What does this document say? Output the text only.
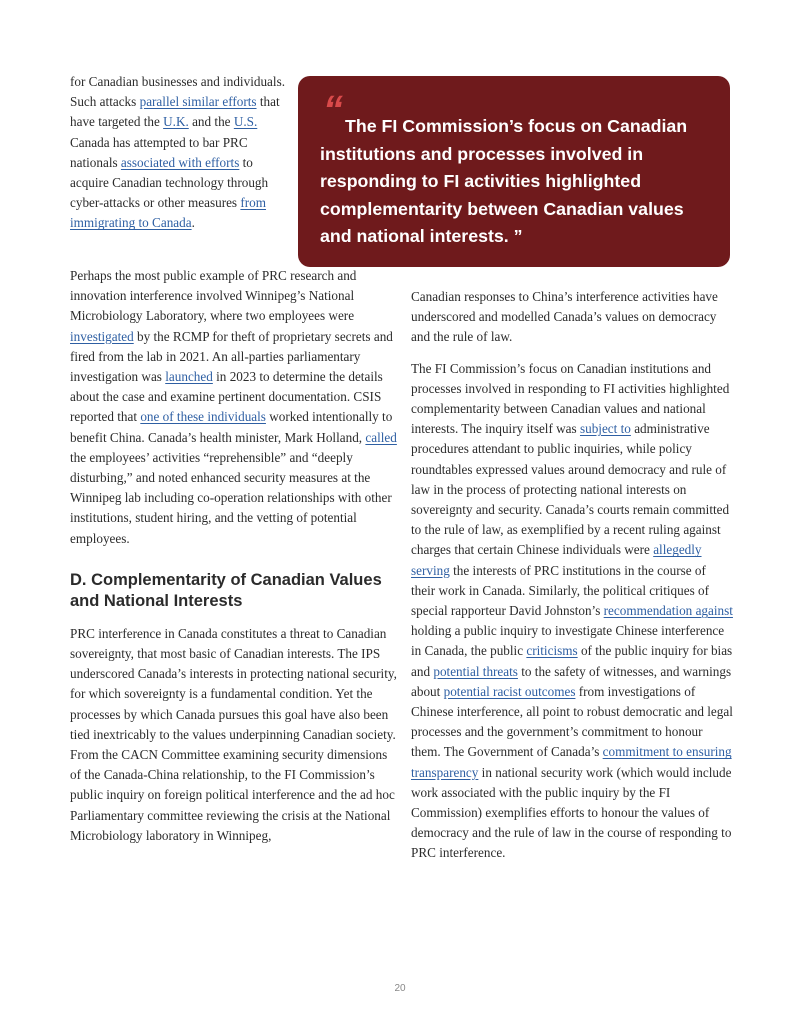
for Canadian businesses and individuals. Such attacks parallel similar efforts that have targeted the U.K. and the U.S. Canada has attempted to bar PRC nationals associated with efforts to acquire Canadian technology through cyber-attacks or other measures from immigrating to Canada.

“ The FI Commission’s focus on Canadian institutions and processes involved in responding to FI activities highlighted complementarity between Canadian values and national interests. ”

Perhaps the most public example of PRC research and innovation interference involved Winnipeg’s National Microbiology Laboratory, where two employees were investigated by the RCMP for theft of proprietary secrets and fired from the lab in 2021. An all-parties parliamentary investigation was launched in 2023 to determine the details about the case and examine pertinent documentation. CSIS reported that one of these individuals worked intentionally to benefit China. Canada’s health minister, Mark Holland, called the employees’ activities “reprehensible” and “deeply disturbing,” and noted enhanced security measures at the Winnipeg lab including co-operation relationships with other institutions, student hiring, and the vetting of potential employees.

D. Complementarity of Canadian Values and National Interests

PRC interference in Canada constitutes a threat to Canadian sovereignty, that most basic of Canadian interests. The IPS underscored Canada’s interests in protecting national security, for which sovereignty is a fundamental condition. Yet the processes by which Canada pursues this goal have also been tied inextricably to the values underpinning Canadian society. From the CACN Committee examining security dimensions of the Canada-China relationship, to the FI Commission’s public inquiry on foreign political interference and the ad hoc Parliamentary committee reviewing the crisis at the National Microbiology laboratory in Winnipeg,

Canadian responses to China’s interference activities have underscored and modelled Canada’s values on democracy and the rule of law.

The FI Commission’s focus on Canadian institutions and processes involved in responding to FI activities highlighted complementarity between Canadian values and national interests. The inquiry itself was subject to administrative procedures attendant to public inquiries, while policy roundtables expressed values around democracy and rule of law in the process of protecting national interests on sovereignty and security. Canada’s courts remain committed to the rule of law, as exemplified by a recent ruling against charges that certain Chinese individuals were allegedly serving the interests of PRC institutions in the course of their work in Canada. Similarly, the political critiques of special rapporteur David Johnston’s recommendation against holding a public inquiry to investigate Chinese interference in Canada, the public criticisms of the public inquiry for bias and potential threats to the safety of witnesses, and warnings about potential racist outcomes from investigations of Chinese interference, all point to robust democratic and legal processes and the government’s commitment to honour them. The Government of Canada’s commitment to ensuring transparency in national security work (which would include work associated with the public inquiry by the FI Commission) exemplifies efforts to honour the values of democracy and the rule of law in the course of responding to PRC interference.

20
